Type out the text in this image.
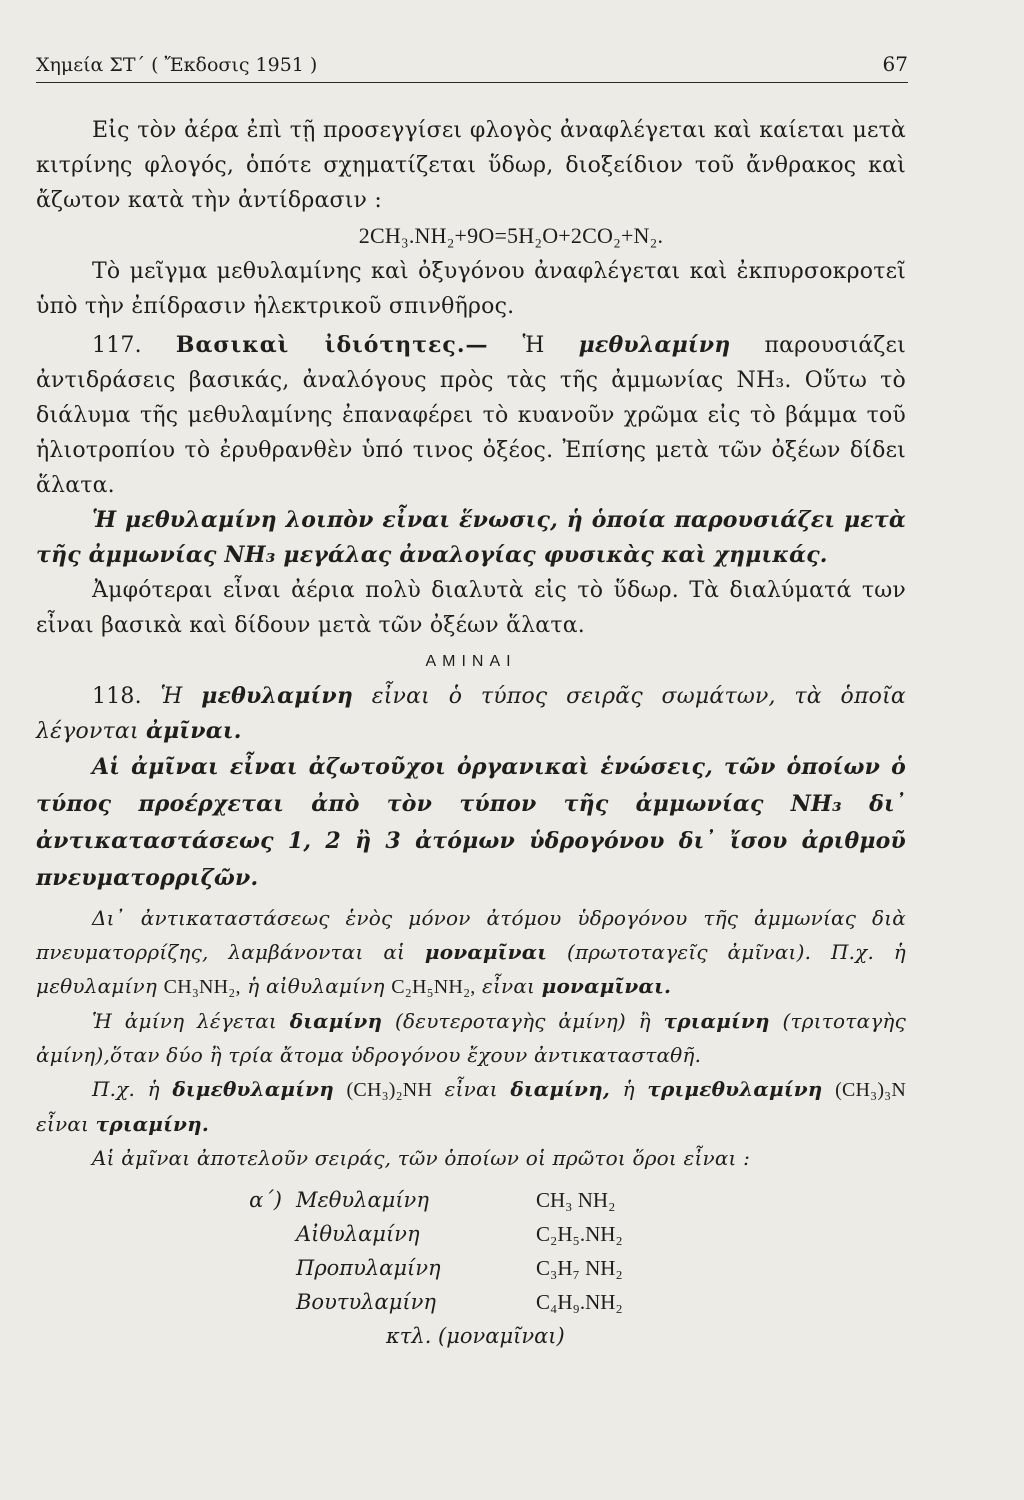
Χημεία ΣΤ΄ ( Ἔκδοσις 1951 )	67

Εἰς τὸν ἀέρα ἐπὶ τῇ προσεγγίσει φλογὸς ἀναφλέγεται καὶ καίεται μετὰ κιτρίνης φλογός, ὁπότε σχηματίζεται ὕδωρ, διοξείδιον τοῦ ἄνθρακος καὶ ἄζωτον κατὰ τὴν ἀντίδρασιν :

2CH₃.NH₂+9O=5H₂O+2CO₂+N₂.

Τὸ μεῖγμα μεθυλαμίνης καὶ ὀξυγόνου ἀναφλέγεται καὶ ἐκπυρσοκροτεῖ ὑπὸ τὴν ἐπίδρασιν ἠλεκτρικοῦ σπινθῆρος.

117. Βασικαὶ ἰδιότητες.— Ἡ μεθυλαμίνη παρουσιάζει ἀντιδράσεις βασικάς, ἀναλόγους πρὸς τὰς τῆς ἀμμωνίας NH₃. Οὕτω τὸ διάλυμα τῆς μεθυλαμίνης ἐπαναφέρει τὸ κυανοῦν χρῶμα εἰς τὸ βάμμα τοῦ ἡλιοτροπίου τὸ ἐρυθρανθὲν ὑπό τινος ὀξέος. Ἐπίσης μετὰ τῶν ὀξέων δίδει ἅλατα.

Ἡ μεθυλαμίνη λοιπὸν εἶναι ἕνωσις, ἡ ὁποία παρουσιάζει μετὰ τῆς ἀμμωνίας NH₃ μεγάλας ἀναλογίας φυσικὰς καὶ χημικάς.

Ἀμφότεραι εἶναι ἀέρια πολὺ διαλυτὰ εἰς τὸ ὕδωρ. Τὰ διαλύματά των εἶναι βασικὰ καὶ δίδουν μετὰ τῶν ὀξέων ἅλατα.

ΑΜΙΝΑΙ

118. Ἡ μεθυλαμίνη εἶναι ὁ τύπος σειρᾶς σωμάτων, τὰ ὁποῖα λέγονται ἀμῖναι.

Αἱ ἀμῖναι εἶναι ἀζωτοῦχοι ὀργανικαὶ ἑνώσεις, τῶν ὁποίων ὁ τύπος προέρχεται ἀπὸ τὸν τύπον τῆς ἀμμωνίας NH₃ δι᾽ ἀντικαταστάσεως 1, 2 ἢ 3 ἀτόμων ὑδρογόνου δι᾽ ἴσου ἀριθμοῦ πνευματορριζῶν.

Δι᾽ ἀντικαταστάσεως ἑνὸς μόνον ἀτόμου ὑδρογόνου τῆς ἀμμωνίας διὰ πνευματορρίζης, λαμβάνονται αἱ μοναμῖναι (πρωτοταγεῖς ἀμῖναι). Π.χ. ἡ μεθυλαμίνη CH₃NH₂, ἡ αἰθυλαμίνη C₂H₅NH₂, εἶναι μοναμῖναι.

Ἡ ἀμίνη λέγεται διαμίνη (δευτεροταγὴς ἀμίνη) ἢ τριαμίνη (τριτοταγὴς ἀμίνη),ὅταν δύο ἢ τρία ἄτομα ὑδρογόνου ἔχουν ἀντικατασταθῆ.

Π.χ. ἡ διμεθυλαμίνη (CH₃)₂NH εἶναι διαμίνη, ἡ τριμεθυλαμίνη (CH₃)₃N εἶναι τριαμίνη.

Αἱ ἀμῖναι ἀποτελοῦν σειράς, τῶν ὁποίων οἱ πρῶτοι ὅροι εἶναι :

α΄) Μεθυλαμίνη	CH₃ NH₂
Αἰθυλαμίνη	C₂H₅.NH₂
Προπυλαμίνη	C₃H₇ NH₂
Βουτυλαμίνη	C₄H₉.NH₂
κτλ. (μοναμῖναι)
